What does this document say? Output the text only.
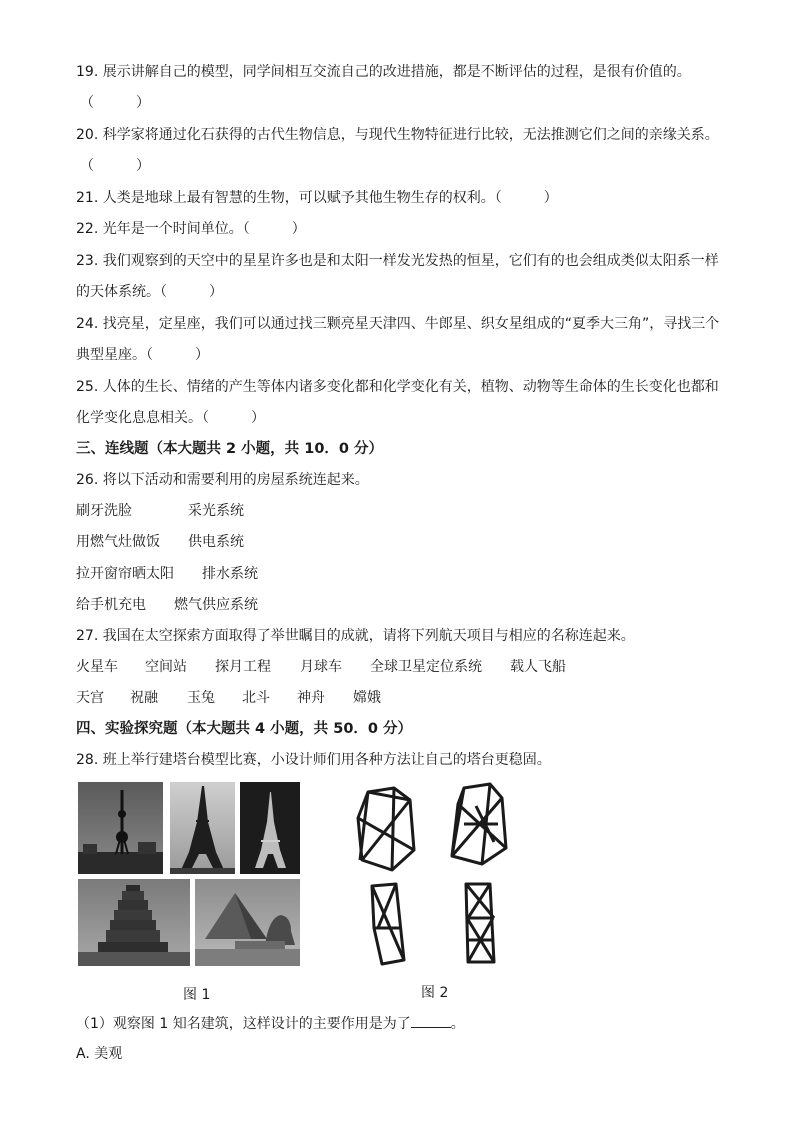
19. 展示讲解自己的模型，同学间相互交流自己的改进措施，都是不断评估的过程，是很有价值的。
（　　　）
20. 科学家将通过化石获得的古代生物信息，与现代生物特征进行比较，无法推测它们之间的亲缘关系。
（　　　）
21. 人类是地球上最有智慧的生物，可以赋予其他生物生存的权利。（　　　）
22. 光年是一个时间单位。（　　　）
23. 我们观察到的天空中的星星许多也是和太阳一样发光发热的恒星，它们有的也会组成类似太阳系一样
的天体系统。（　　　）
24. 找亮星，定星座，我们可以通过找三颗亮星天津四、牛郎星、织女星组成的“夏季大三角”，寻找三个
典型星座。（　　　）
25. 人体的生长、情绪的产生等体内诸多变化都和化学变化有关，植物、动物等生命体的生长变化也都和
化学变化息息相关。（　　　）
三、连线题（本大题共 2 小题，共 10．0 分）
26. 将以下活动和需要利用的房屋系统连起来。
刷牙洗脸	采光系统
用燃气灶做饭 供电系统
拉开窗帘晒太阳 排水系统
给手机充电 燃气供应系统
27. 我国在太空探索方面取得了举世瞩目的成就，请将下列航天项目与相应的名称连起来。
火星车 空间站 探月工程 月球车 全球卫星定位系统 载人飞船
天宫 祝融 玉兔 北斗 神舟 嫦娥
四、实验探究题（本大题共 4 小题，共 50．0 分）
28. 班上举行建塔台模型比赛，小设计师们用各种方法让自己的塔台更稳固。
图 1	图 2
（1）观察图 1 知名建筑，这样设计的主要作用是为了	。
A. 美观
